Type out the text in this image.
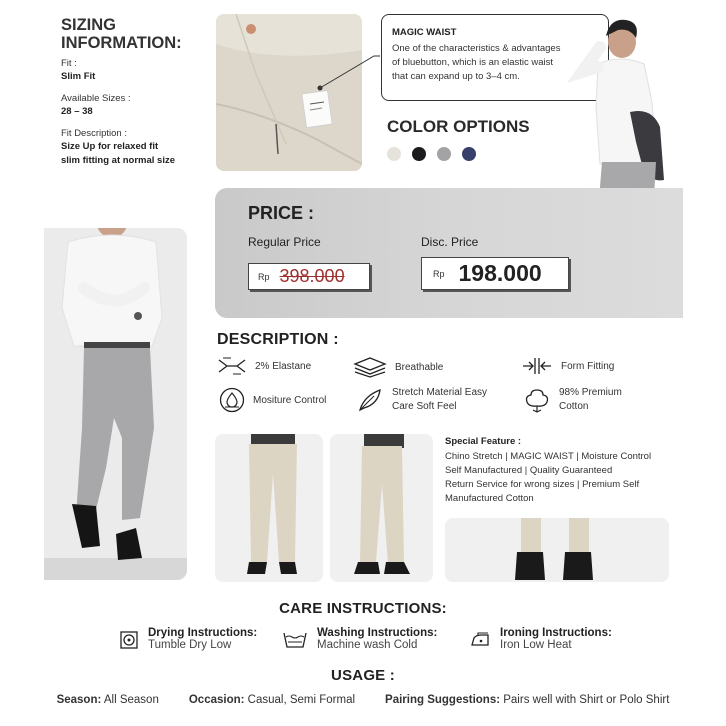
SIZING
INFORMATION:
Fit :
Slim Fit
Available Sizes :
28 – 38
Fit Description :
Size Up for relaxed fit
slim fitting at normal size
MAGIC WAIST
One of the characteristics & advantages
of bluebutton, which is an elastic waist
that can expand up to 3–4 cm.
COLOR OPTIONS
PRICE :
Regular Price
Rp 398.000
Disc. Price
Rp 198.000
DESCRIPTION :
2% Elastane	Breathable	Form Fitting
Mositure Control
Stretch Material Easy
Care Soft Feel
98% Premium
Cotton
Special Feature :
Chino Stretch | MAGIC WAIST | Moisture Control
Self Manufactured | Quality Guaranteed
Return Service for wrong sizes | Premium Self
Manufactured Cotton
CARE INSTRUCTIONS:
Drying Instructions:
Tumble Dry Low
Washing Instructions:
Machine wash Cold
Ironing Instructions:
Iron Low Heat
USAGE :
Season: All Season	Occasion: Casual, Semi Formal	Pairing Suggestions: Pairs well with Shirt or Polo Shirt
